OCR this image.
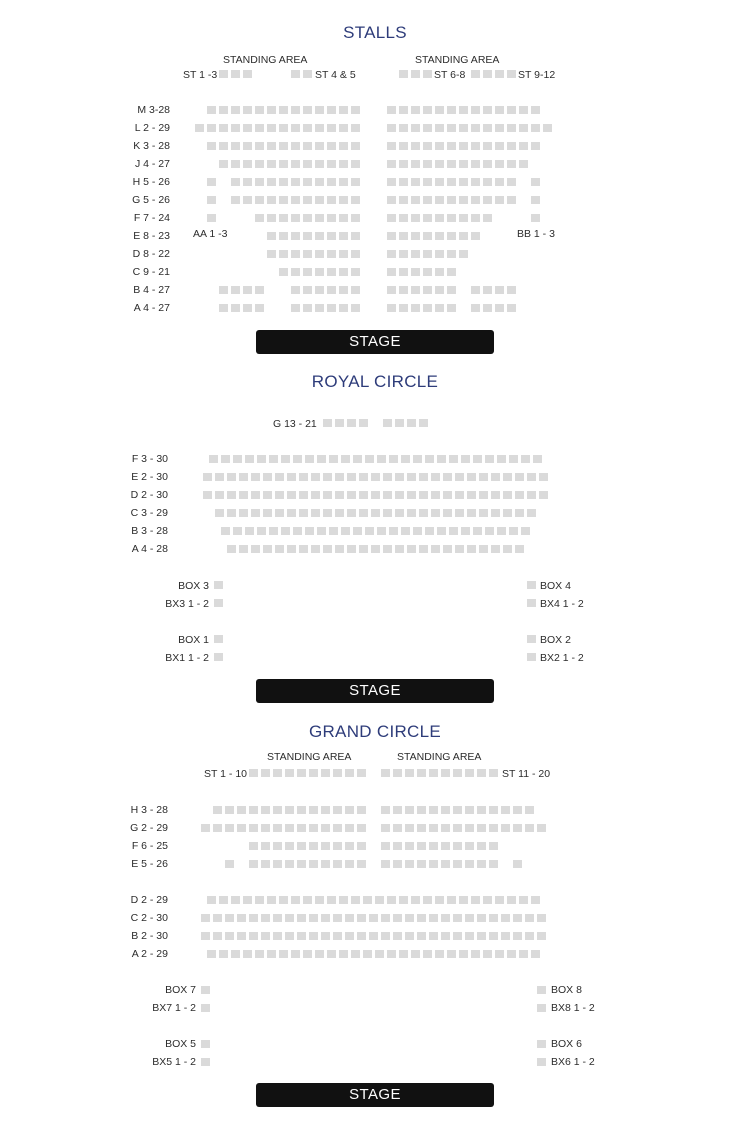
STALLS
STANDING AREA	STANDING AREA
ST 1 -3	ST 4 & 5	ST 6-8	ST 9-12
M 3-28
L 2 - 29
K 3 - 28
J 4 - 27
H 5 - 26
G 5 - 26
F 7 - 24
E 8 - 23
D 8 - 22
C 9 - 21
B 4 - 27
A 4 - 27
AA 1 -3	BB 1 - 3
STAGE
ROYAL CIRCLE
G 13 - 21
F 3 - 30
E 2 - 30
D 2 - 30
C 3 - 29
B 3 - 28
A 4 - 28
BOX 3
BX3 1 - 2
BOX 1
BX1 1 - 2
BOX 4
BX4 1 - 2
BOX 2
BX2 1 - 2
STAGE
GRAND CIRCLE
STANDING AREA	STANDING AREA
ST 1 - 10	ST 11 - 20
H 3 - 28
G 2 - 29
F 6 - 25
E 5 - 26
D 2 - 29
C 2 - 30
B 2 - 30
A 2 - 29
BOX 7
BX7 1 - 2
BOX 5
BX5 1 - 2
BOX 8
BX8 1 - 2
BOX 6
BX6 1 - 2
STAGE
